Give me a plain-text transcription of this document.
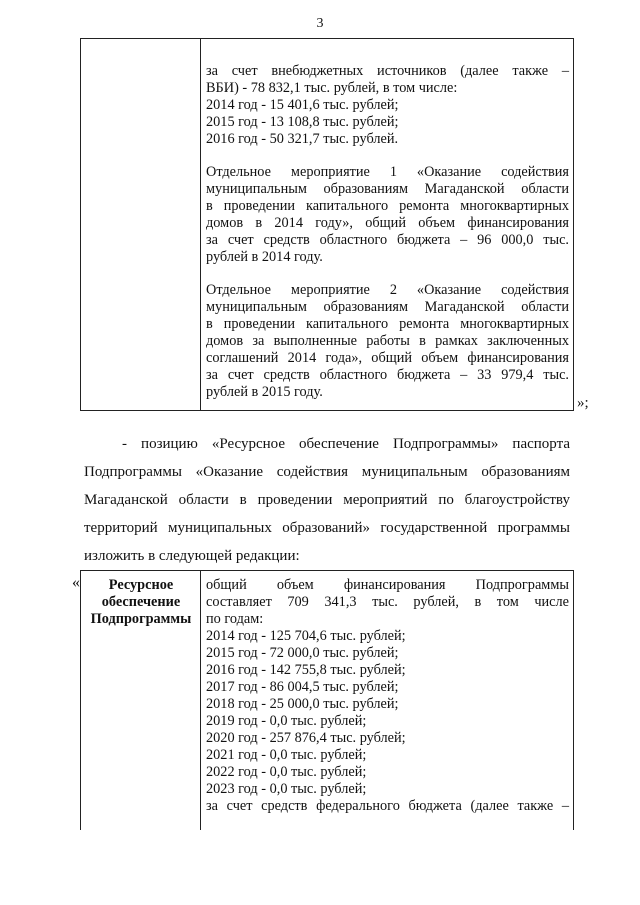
3
за счет внебюджетных источников (далее также –
ВБИ) - 78 832,1 тыс. рублей, в том числе:
2014 год - 15 401,6 тыс. рублей;
2015 год - 13 108,8 тыс. рублей;
2016 год - 50 321,7 тыс. рублей.
Отдельное мероприятие 1 «Оказание содействия
муниципальным образованиям Магаданской области
в проведении капитального ремонта многоквартирных
домов в 2014 году», общий объем финансирования
за счет средств областного бюджета – 96 000,0 тыс.
рублей в 2014 году.
Отдельное мероприятие 2 «Оказание содействия
муниципальным образованиям Магаданской области
в проведении капитального ремонта многоквартирных
домов за выполненные работы в рамках заключенных
соглашений 2014 года», общий объем финансирования
за счет средств областного бюджета – 33 979,4 тыс.
рублей в 2015 году.
»;
- позицию «Ресурсное обеспечение Подпрограммы» паспорта
Подпрограммы «Оказание содействия муниципальным образованиям
Магаданской области в проведении мероприятий по благоустройству
территорий муниципальных образований» государственной программы
изложить в следующей редакции:
«	Ресурсное
обеспечение
Подпрограммы
общий объем финансирования Подпрограммы
составляет 709 341,3 тыс. рублей, в том числе
по годам:
2014 год - 125 704,6 тыс. рублей;
2015 год - 72 000,0 тыс. рублей;
2016 год - 142 755,8 тыс. рублей;
2017 год - 86 004,5 тыс. рублей;
2018 год - 25 000,0 тыс. рублей;
2019 год - 0,0 тыс. рублей;
2020 год - 257 876,4 тыс. рублей;
2021 год - 0,0 тыс. рублей;
2022 год - 0,0 тыс. рублей;
2023 год - 0,0 тыс. рублей;
за счет средств федерального бюджета (далее также –
